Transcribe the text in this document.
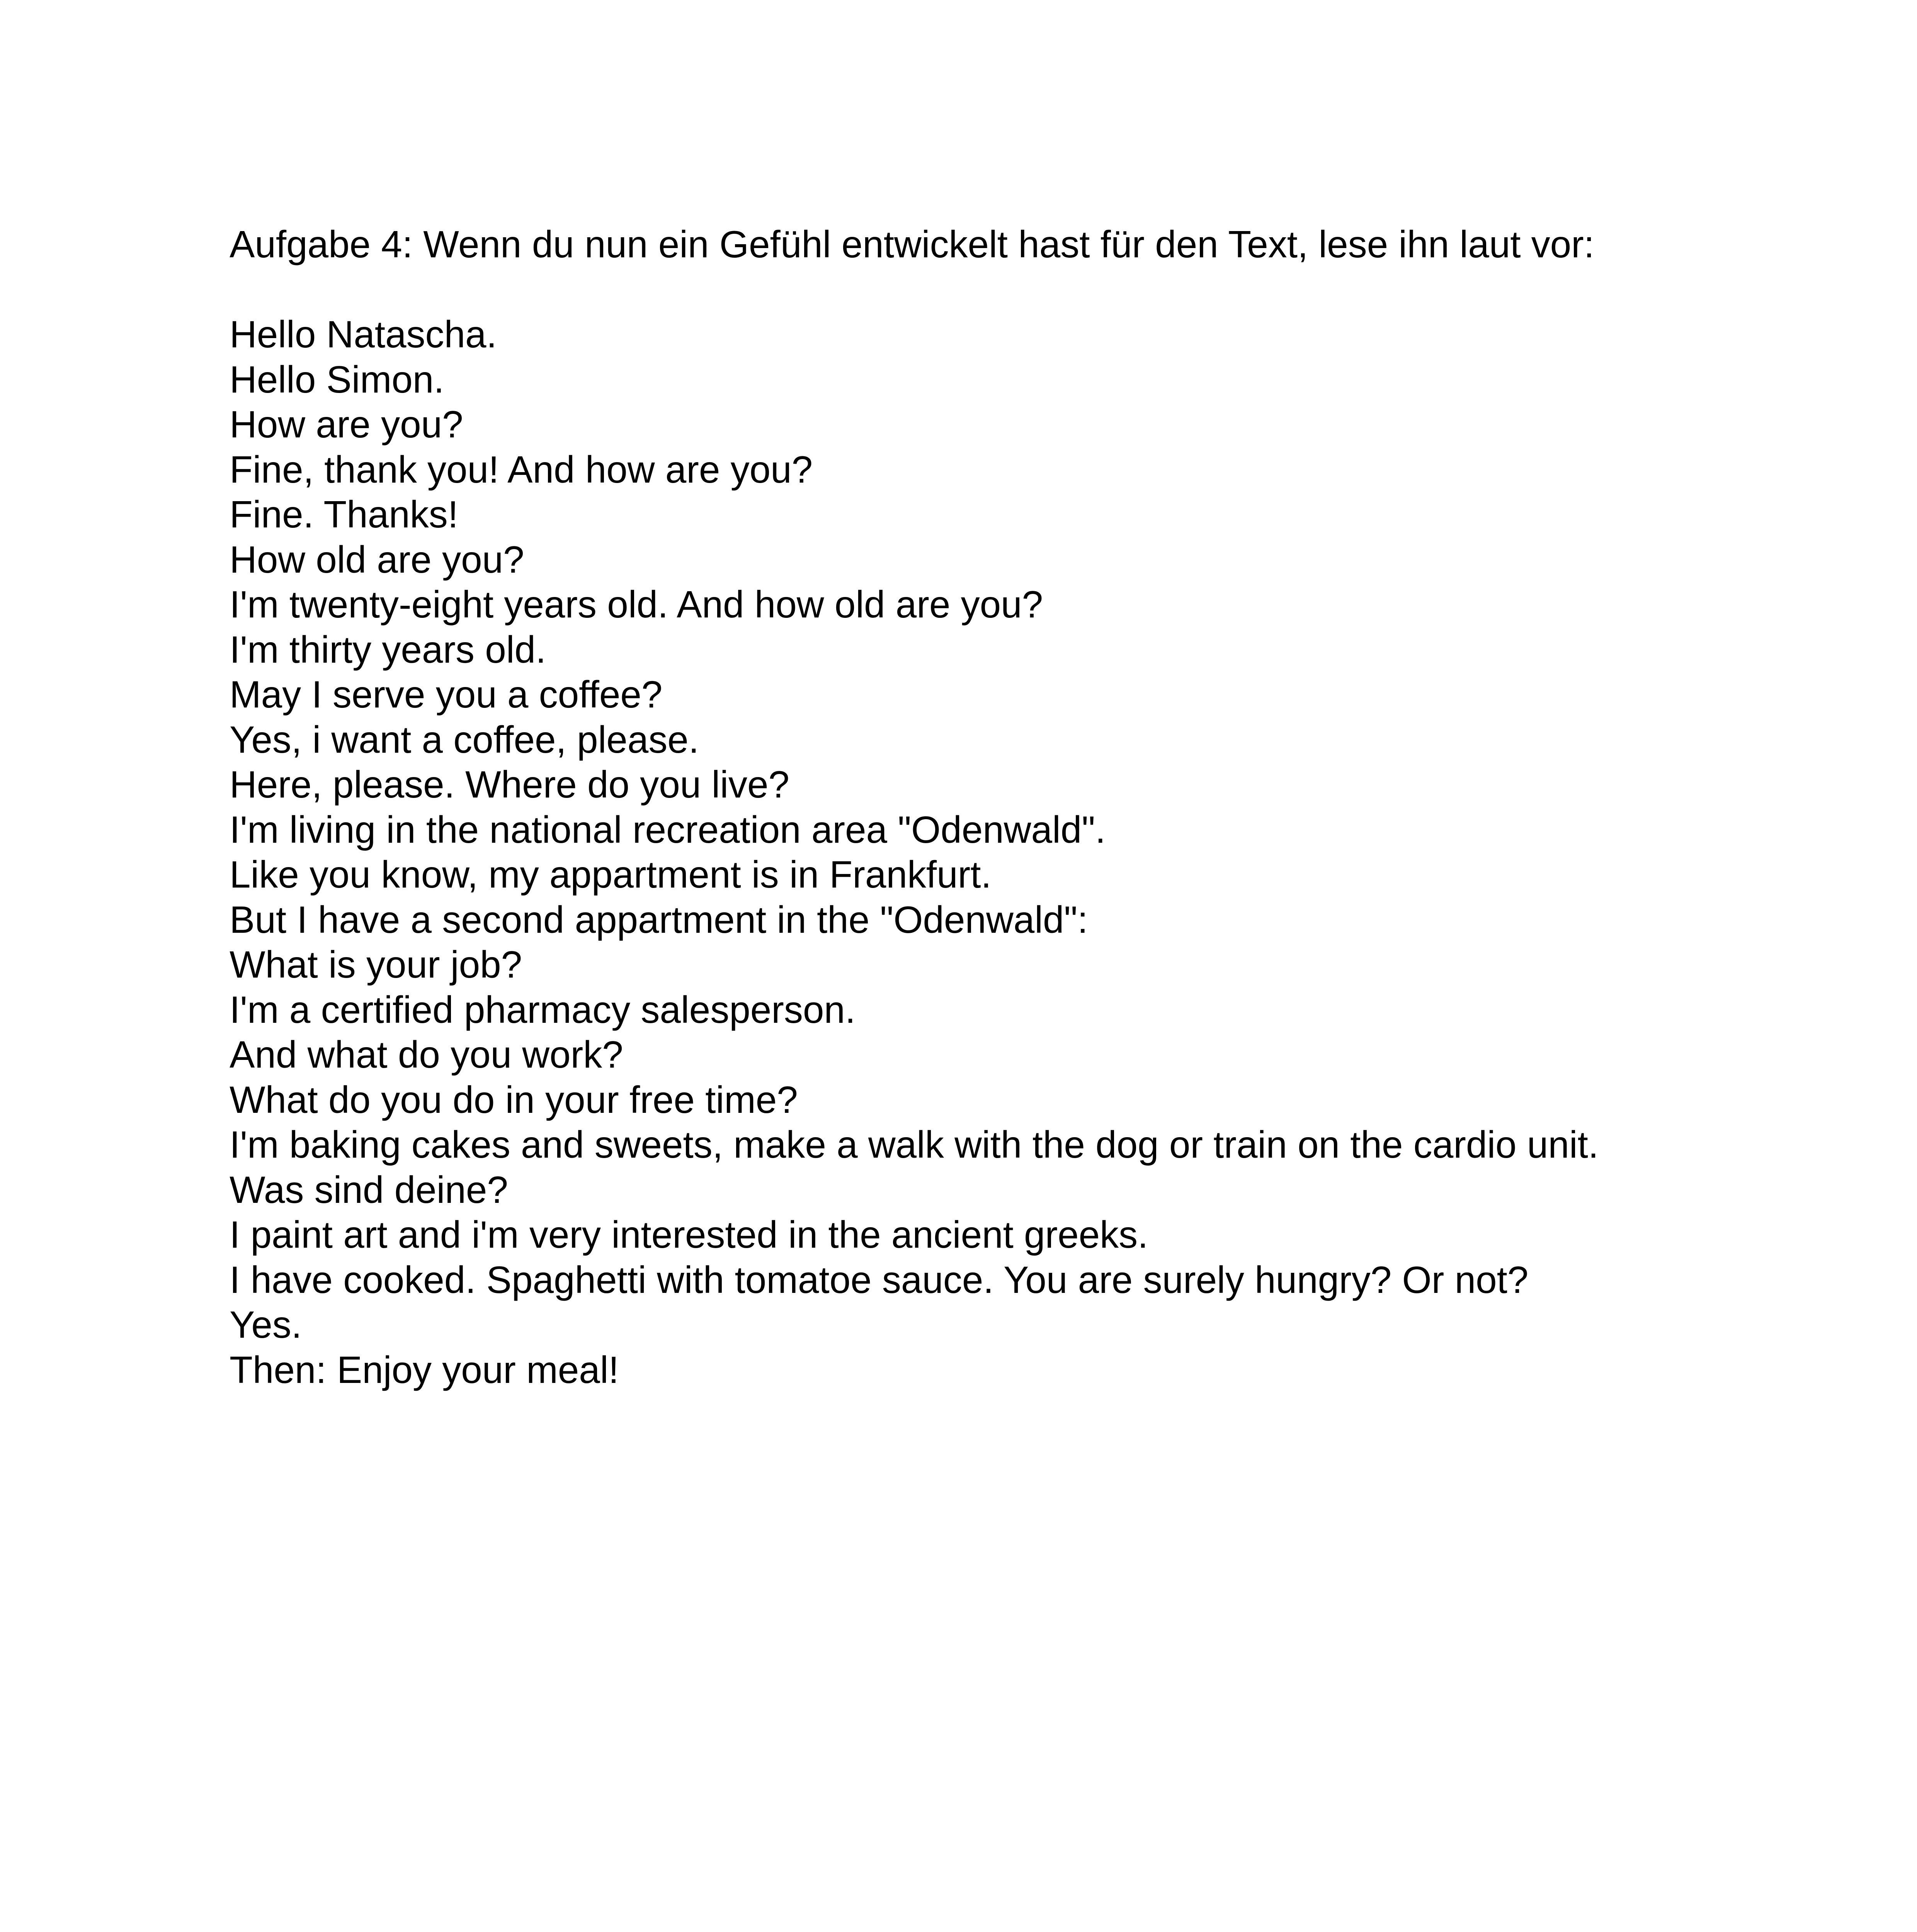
Aufgabe 4: Wenn du nun ein Gefühl entwickelt hast für den Text, lese ihn laut vor:

Hello Natascha.
Hello Simon.
How are you?
Fine, thank you! And how are you?
Fine. Thanks!
How old are you?
I'm twenty-eight years old. And how old are you?
I'm thirty years old.
May I serve you a coffee?
Yes, i want a coffee, please.
Here, please. Where do you live?
I'm living in the national recreation area "Odenwald".
Like you know, my appartment is in Frankfurt.
But I have a second appartment in the "Odenwald":
What is your job?
I'm a certified pharmacy salesperson.
And what do you work?
What do you do in your free time?
I'm baking cakes and sweets, make a walk with the dog or train on the cardio unit.
Was sind deine?
I paint art and i'm very interested in the ancient greeks.
I have cooked. Spaghetti with tomatoe sauce. You are surely hungry? Or not?
Yes.
Then: Enjoy your meal!
